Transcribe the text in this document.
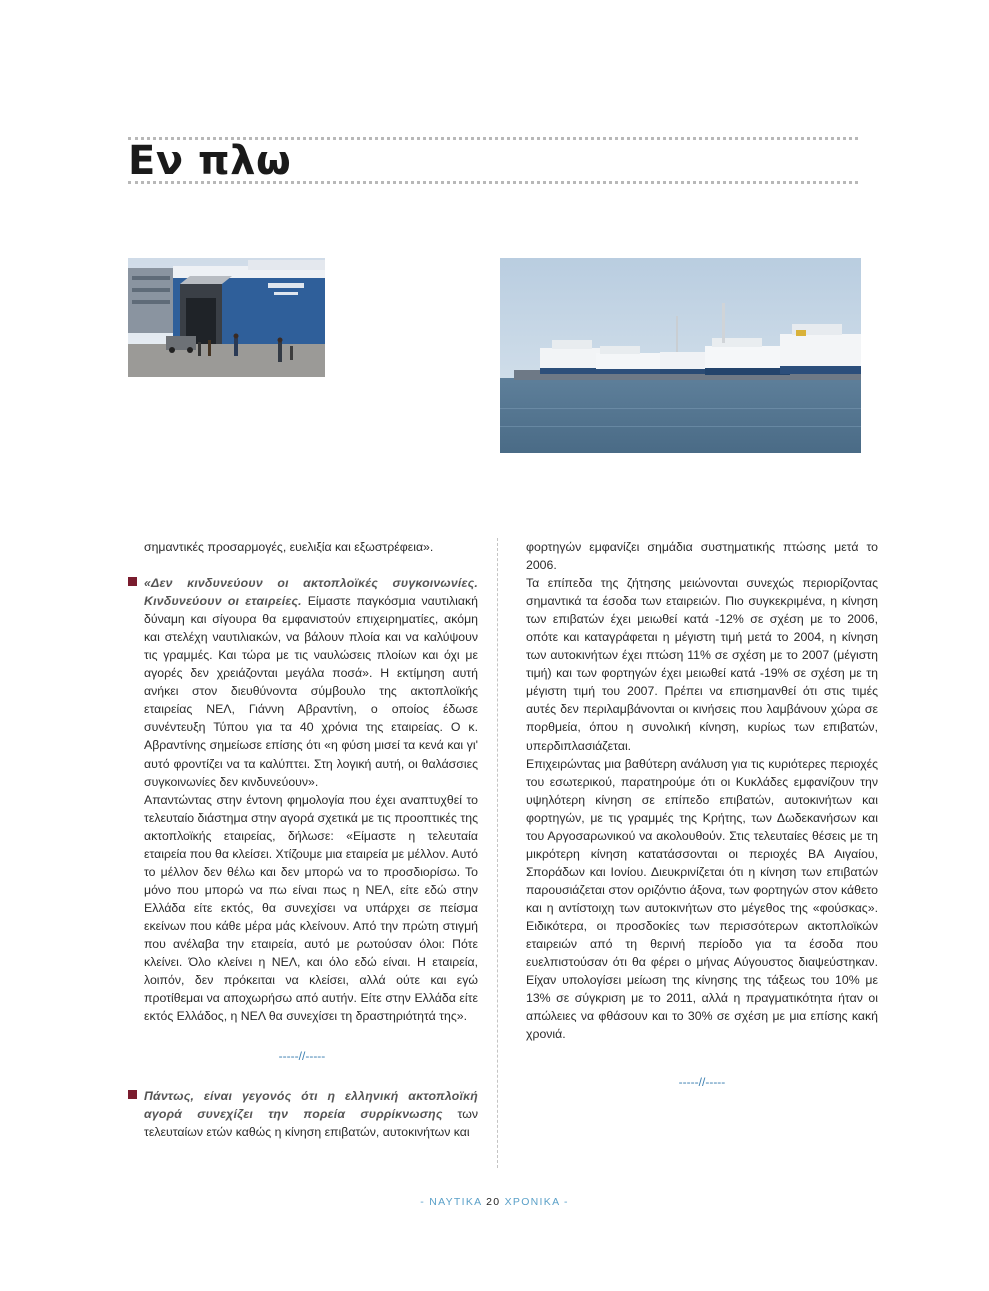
Εν πλω

σημαντικές προσαρμογές, ευελιξία και εξωστρέφεια».

«Δεν κινδυνεύουν οι ακτοπλοϊκές συγκοινωνίες. Κινδυνεύουν οι εταιρείες. Είμαστε παγκόσμια ναυτιλιακή δύναμη και σίγουρα θα εμφανιστούν επιχειρηματίες, ακόμη και στελέχη ναυτιλιακών, να βάλουν πλοία και να καλύψουν τις γραμμές. Και τώρα με τις ναυλώσεις πλοίων και όχι με αγορές δεν χρειάζονται μεγάλα ποσά». Η εκτίμηση αυτή ανήκει στον διευθύνοντα σύμβουλο της ακτοπλοϊκής εταιρείας ΝΕΛ, Γιάννη Αβραντίνη, ο οποίος έδωσε συνέντευξη Τύπου για τα 40 χρόνια της εταιρείας. Ο κ. Αβραντίνης σημείωσε επίσης ότι «η φύση μισεί τα κενά και γι' αυτό φροντίζει να τα καλύπτει. Στη λογική αυτή, οι θαλάσσιες συγκοινωνίες δεν κινδυνεύουν».

Απαντώντας στην έντονη φημολογία που έχει αναπτυχθεί το τελευταίο διάστημα στην αγορά σχετικά με τις προοπτικές της ακτοπλοϊκής εταιρείας, δήλωσε: «Είμαστε η τελευταία εταιρεία που θα κλείσει. Χτίζουμε μια εταιρεία με μέλλον. Αυτό το μέλλον δεν θέλω και δεν μπορώ να το προσδιορίσω. Το μόνο που μπορώ να πω είναι πως η ΝΕΛ, είτε εδώ στην Ελλάδα είτε εκτός, θα συνεχίσει να υπάρχει σε πείσμα εκείνων που κάθε μέρα μάς κλείνουν. Από την πρώτη στιγμή που ανέλαβα την εταιρεία, αυτό με ρωτούσαν όλοι: Πότε κλείνει. Όλο κλείνει η ΝΕΛ, και όλο εδώ είναι. Η εταιρεία, λοιπόν, δεν πρόκειται να κλείσει, αλλά ούτε και εγώ προτίθεμαι να αποχωρήσω από αυτήν. Είτε στην Ελλάδα είτε εκτός Ελλάδος, η ΝΕΛ θα συνεχίσει τη δραστηριότητά της».

-----//-----

Πάντως, είναι γεγονός ότι η ελληνική ακτοπλοϊκή αγορά συνεχίζει την πορεία συρρίκνωσης των τελευταίων ετών καθώς η κίνηση επιβατών, αυτοκινήτων και

φορτηγών εμφανίζει σημάδια συστηματικής πτώσης μετά το 2006.

Τα επίπεδα της ζήτησης μειώνονται συνεχώς περιορίζοντας σημαντικά τα έσοδα των εταιρειών. Πιο συγκεκριμένα, η κίνηση των επιβατών έχει μειωθεί κατά -12% σε σχέση με το 2006, οπότε και καταγράφεται η μέγιστη τιμή μετά το 2004, η κίνηση των αυτοκινήτων έχει πτώση 11% σε σχέση με το 2007 (μέγιστη τιμή) και των φορτηγών έχει μειωθεί κατά -19% σε σχέση με τη μέγιστη τιμή του 2007. Πρέπει να επισημανθεί ότι στις τιμές αυτές δεν περιλαμβάνονται οι κινήσεις που λαμβάνουν χώρα σε πορθμεία, όπου η συνολική κίνηση, κυρίως των επιβατών, υπερδιπλασιάζεται.

Επιχειρώντας μια βαθύτερη ανάλυση για τις κυριότερες περιοχές του εσωτερικού, παρατηρούμε ότι οι Κυκλάδες εμφανίζουν την υψηλότερη κίνηση σε επίπεδο επιβατών, αυτοκινήτων και φορτηγών, με τις γραμμές της Κρήτης, των Δωδεκανήσων και του Αργοσαρωνικού να ακολουθούν. Στις τελευταίες θέσεις με τη μικρότερη κίνηση κατατάσσονται οι περιοχές ΒΑ Αιγαίου, Σποράδων και Ιονίου. Διευκρινίζεται ότι η κίνηση των επιβατών παρουσιάζεται στον οριζόντιο άξονα, των φορτηγών στον κάθετο και η αντίστοιχη των αυτοκινήτων στο μέγεθος της «φούσκας». Ειδικότερα, οι προσδοκίες των περισσότερων ακτοπλοϊκών εταιρειών από τη θερινή περίοδο για τα έσοδα που ευελπιστούσαν ότι θα φέρει ο μήνας Αύγουστος διαψεύστηκαν. Είχαν υπολογίσει μείωση της κίνησης της τάξεως του 10% με 13% σε σύγκριση με το 2011, αλλά η πραγματικότητα ήταν οι απώλειες να φθάσουν και το 30% σε σχέση με μια επίσης κακή χρονιά.

-----//-----
- ΝΑΥΤΙΚΑ 20 ΧΡΟΝΙΚΑ -
